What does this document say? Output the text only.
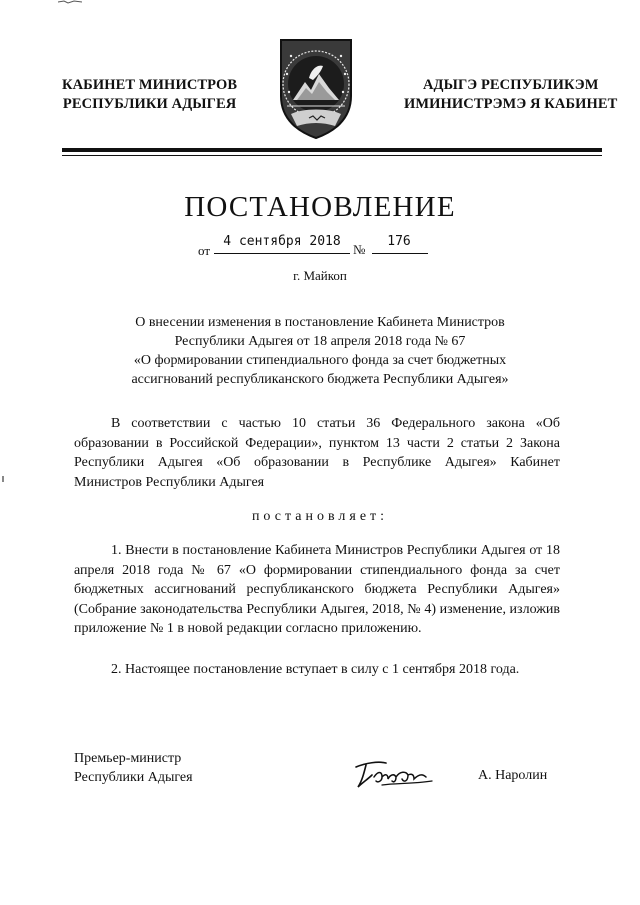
КАБИНЕТ МИНИСТРОВ
РЕСПУБЛИКИ АДЫГЕЯ
АДЫГЭ РЕСПУБЛИКЭМ
ИМИНИСТРЭМЭ Я КАБИНЕТ
ПОСТАНОВЛЕНИЕ
от
4 сентября 2018
№
176
г. Майкоп
О внесении изменения в постановление Кабинета Министров
Республики Адыгея от 18 апреля 2018 года № 67
«О формировании стипендиального фонда за счет бюджетных
ассигнований республиканского бюджета Республики Адыгея»
В соответствии с частью 10 статьи 36 Федерального закона «Об образовании в Российской Федерации», пунктом 13 части 2 статьи 2 Закона Республики Адыгея «Об образовании в Республике Адыгея» Кабинет Министров Республики Адыгея
постановляет:
1. Внести в постановление Кабинета Министров Республики Адыгея от 18 апреля 2018 года № 67 «О формировании стипендиального фонда за счет бюджетных ассигнований республиканского бюджета Республики Адыгея» (Собрание законодательства Республики Адыгея, 2018, № 4) изменение, изложив приложение № 1 в новой редакции согласно приложению.
2. Настоящее постановление вступает в силу с 1 сентября 2018 года.
Премьер-министр
Республики Адыгея	А. Наролин
